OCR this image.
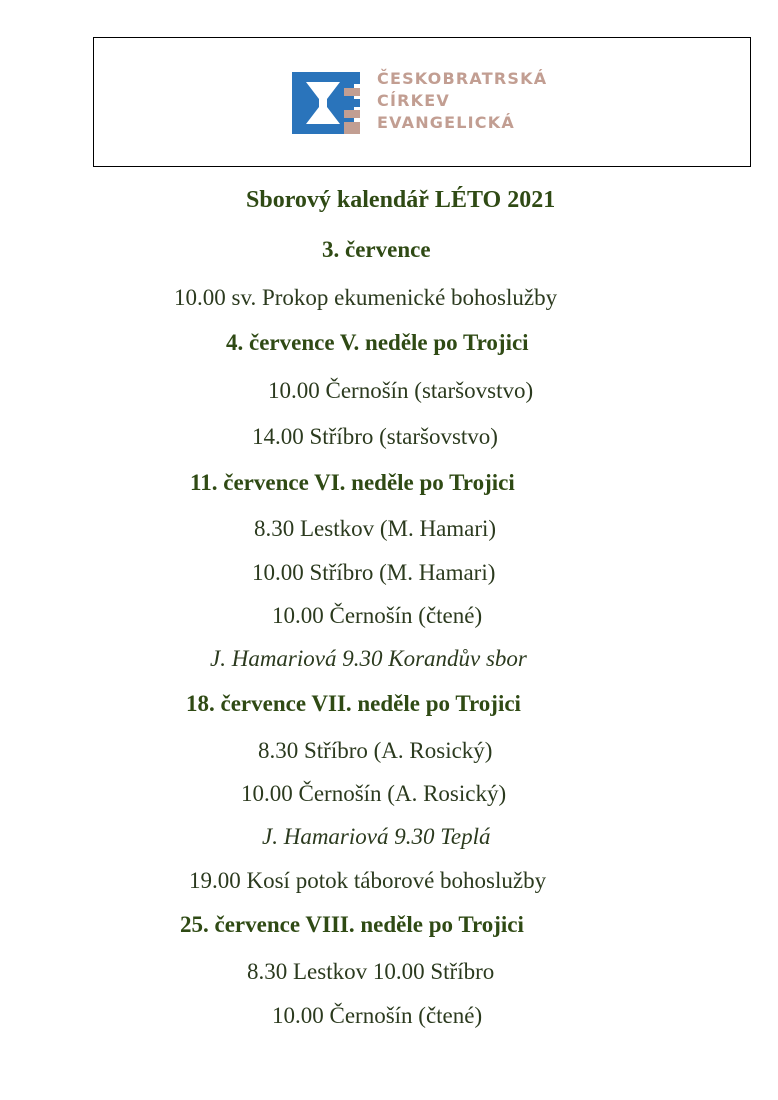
ČESKOBRATRSKÁ
CÍRKEV
EVANGELICKÁ
Sborový kalendář LÉTO 2021
3. července
10.00 sv. Prokop ekumenické bohoslužby
4. července V. neděle po Trojici
10.00 Černošín (staršovstvo)
14.00 Stříbro (staršovstvo)
11. července VI. neděle po Trojici
8.30 Lestkov (M. Hamari)
10.00 Stříbro (M. Hamari)
10.00 Černošín (čtené)
J. Hamariová 9.30 Korandův sbor
18. července VII. neděle po Trojici
8.30 Stříbro (A. Rosický)
10.00 Černošín (A. Rosický)
J. Hamariová 9.30 Teplá
19.00 Kosí potok táborové bohoslužby
25. července VIII. neděle po Trojici
8.30 Lestkov 10.00 Stříbro
10.00 Černošín (čtené)
